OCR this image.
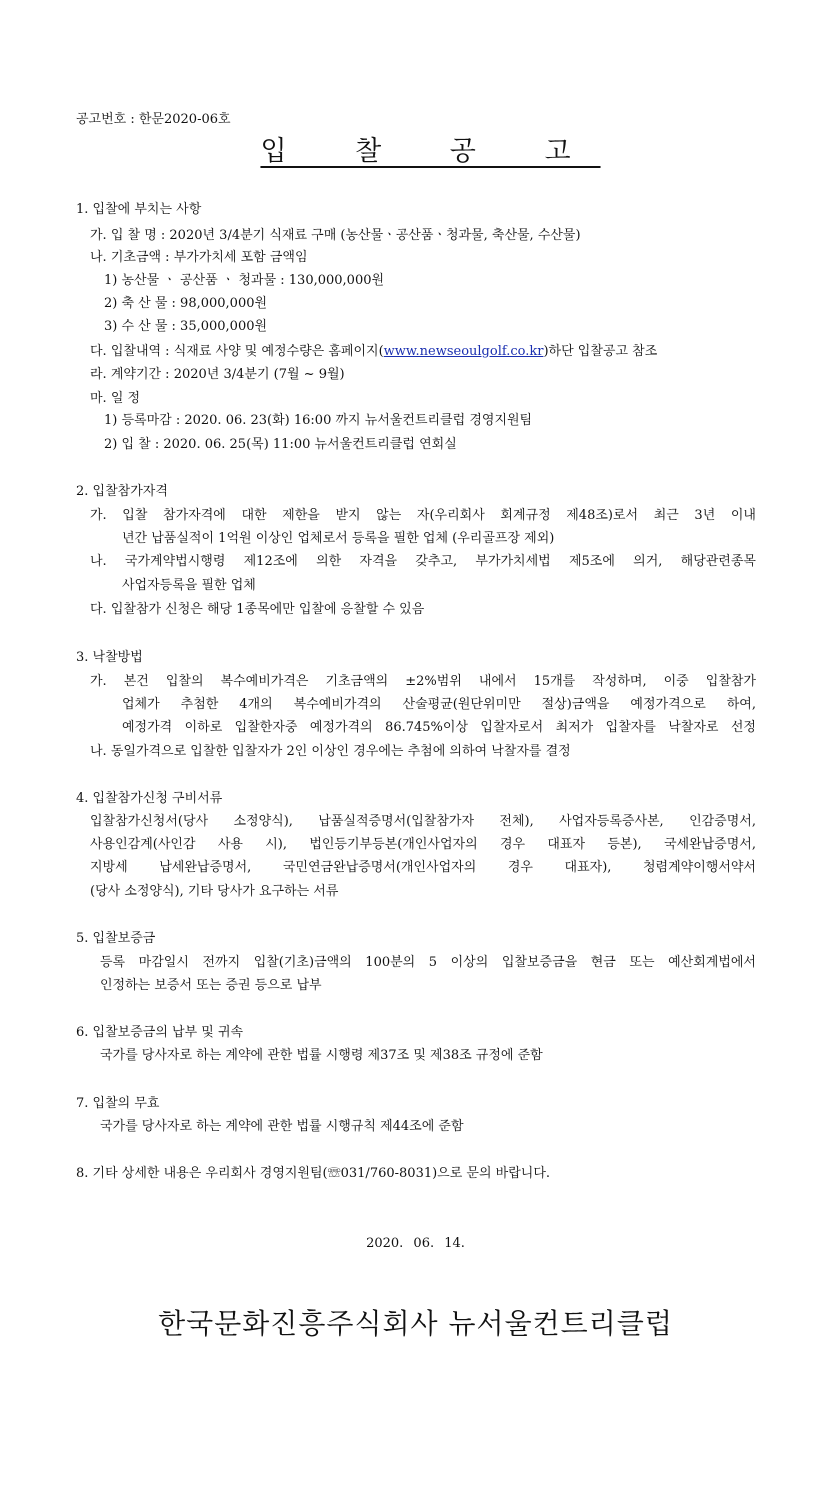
공고번호 : 한문2020-06호
입 찰 공 고
1. 입찰에 부치는 사항
가. 입 찰 명 : 2020년 3/4분기 식재료 구매 (농산물ㆍ공산품ㆍ청과물, 축산물, 수산물)
나. 기초금액 : 부가가치세 포함 금액임
1) 농산물 ㆍ 공산품 ㆍ 청과물 : 130,000,000원
2) 축 산 물 : 98,000,000원
3) 수 산 물 : 35,000,000원
다. 입찰내역 : 식재료 사양 및 예정수량은 홈페이지(www.newseoulgolf.co.kr)하단 입찰공고 참조
라. 계약기간 : 2020년 3/4분기 (7월 ~ 9월)
마. 일 정
1) 등록마감 : 2020. 06. 23(화) 16:00 까지 뉴서울컨트리클럽 경영지원팀
2) 입 찰 : 2020. 06. 25(목) 11:00 뉴서울컨트리클럽 연회실
2. 입찰참가자격
가. 입찰 참가자격에 대한 제한을 받지 않는 자(우리회사 회계규정 제48조)로서 최근 3년 이내
년간 납품실적이 1억원 이상인 업체로서 등록을 필한 업체 (우리골프장 제외)
나. 국가계약법시행령 제12조에 의한 자격을 갖추고, 부가가치세법 제5조에 의거, 해당관련종목
사업자등록을 필한 업체
다. 입찰참가 신청은 해당 1종목에만 입찰에 응찰할 수 있음
3. 낙찰방법
가. 본건 입찰의 복수예비가격은 기초금액의 ±2%범위 내에서 15개를 작성하며, 이중 입찰참가
업체가 추첨한 4개의 복수예비가격의 산술평균(원단위미만 절상)금액을 예정가격으로 하여,
예정가격 이하로 입찰한자중 예정가격의 86.745%이상 입찰자로서 최저가 입찰자를 낙찰자로 선정
나. 동일가격으로 입찰한 입찰자가 2인 이상인 경우에는 추첨에 의하여 낙찰자를 결정
4. 입찰참가신청 구비서류
입찰참가신청서(당사 소정양식), 납품실적증명서(입찰참가자 전체), 사업자등록증사본, 인감증명서,
사용인감계(사인감 사용 시), 법인등기부등본(개인사업자의 경우 대표자 등본), 국세완납증명서,
지방세 납세완납증명서, 국민연금완납증명서(개인사업자의 경우 대표자), 청렴계약이행서약서
(당사 소정양식), 기타 당사가 요구하는 서류
5. 입찰보증금
등록 마감일시 전까지 입찰(기초)금액의 100분의 5 이상의 입찰보증금을 현금 또는 예산회계법에서
인정하는 보증서 또는 증권 등으로 납부
6. 입찰보증금의 납부 및 귀속
국가를 당사자로 하는 계약에 관한 법률 시행령 제37조 및 제38조 규정에 준함
7. 입찰의 무효
국가를 당사자로 하는 계약에 관한 법률 시행규칙 제44조에 준함
8. 기타 상세한 내용은 우리회사 경영지원팀(☏031/760-8031)으로 문의 바랍니다.
2020. 06. 14.
한국문화진흥주식회사 뉴서울컨트리클럽
